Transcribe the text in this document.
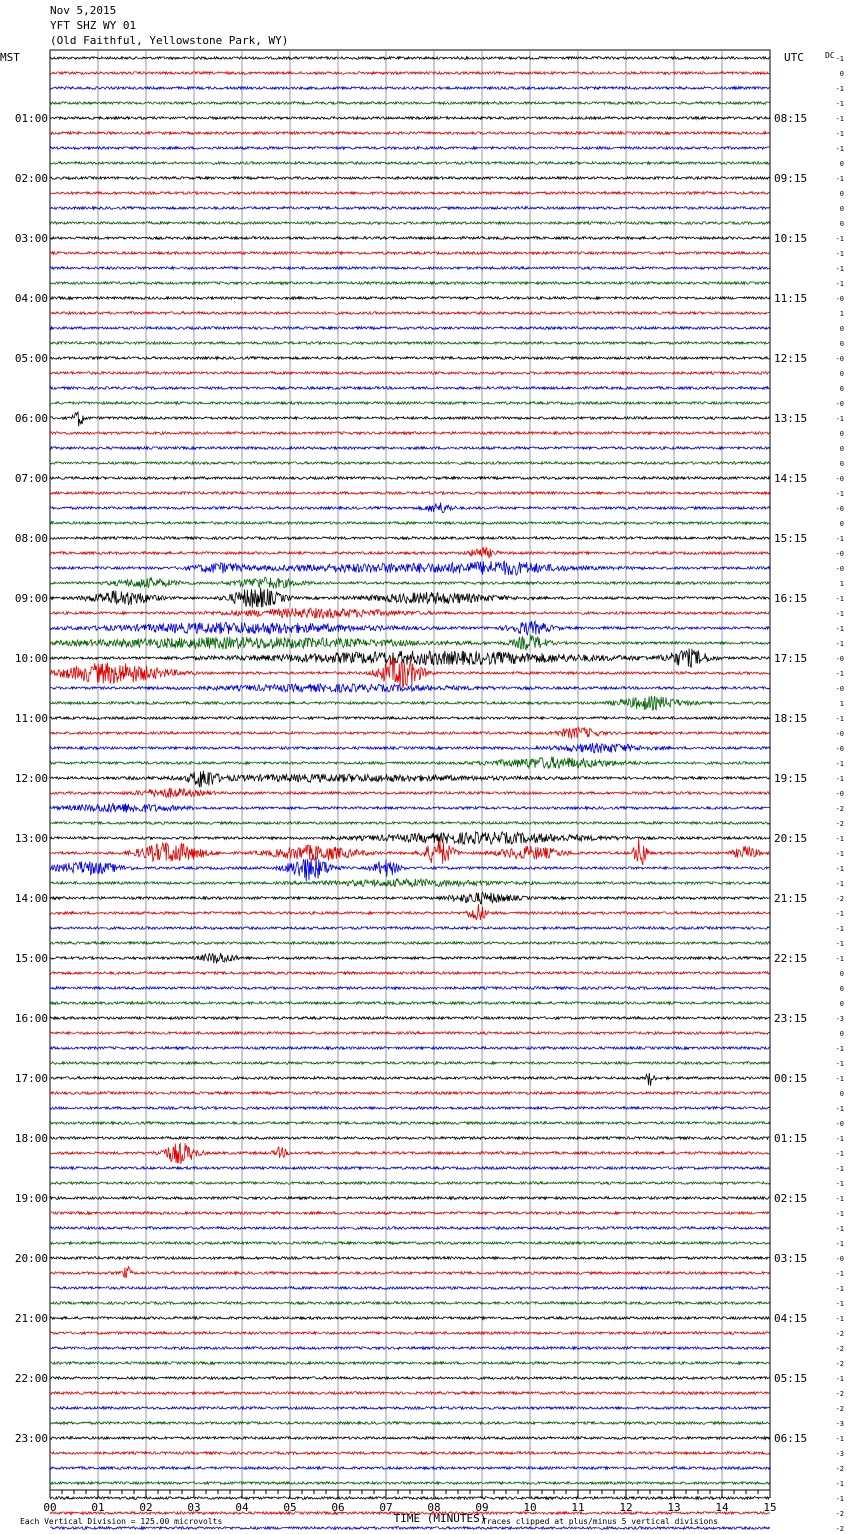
Nov 5,2015
YFT SHZ WY 01
(Old Faithful, Yellowstone Park, WY)
MST	UTC	DC
01:00
02:00
03:00
04:00
05:00
06:00
07:00
08:00
09:00
10:00
11:00
12:00
13:00
14:00
15:00
16:00
17:00
18:00
19:00
20:00
21:00
22:00
23:00
08:15
09:15
10:15
11:15
12:15
13:15
14:15
15:15
16:15
17:15
18:15
19:15
20:15
21:15
22:15
23:15
00:15
01:15
02:15
03:15
04:15
05:15
06:15
-1
0
-1
-1
-1
-1
-1
0
-1
0
0
0
-1
-1
-1
-1
-0
1
0
0
-0
0
0
-0
-1
0
0
0
-0
-1
-0
0
-1
-0
-0
1
-1
-1
-1
-1
-0
-1
-0
1
-1
-0
-0
-1
-1
-0
-2
-2
-1
-1
-1
-1
-2
-1
-1
-1
-1
0
0
0
-3
0
-1
-1
-1
0
-1
-0
-1
-1
-1
-1
-1
-1
-1
-1
-0
-1
-1
-1
-1
-2
-2
-2
-1
-2
-2
-3
-1
-3
-2
-1
-1
-2
-2
00	01	02	03	04	05	06	07	08	09	10	11	12	13	14	15
TIME (MINUTES)
Each Vertical Division = 125.00 microvolts	Traces clipped at plus/minus 5 vertical divisions
